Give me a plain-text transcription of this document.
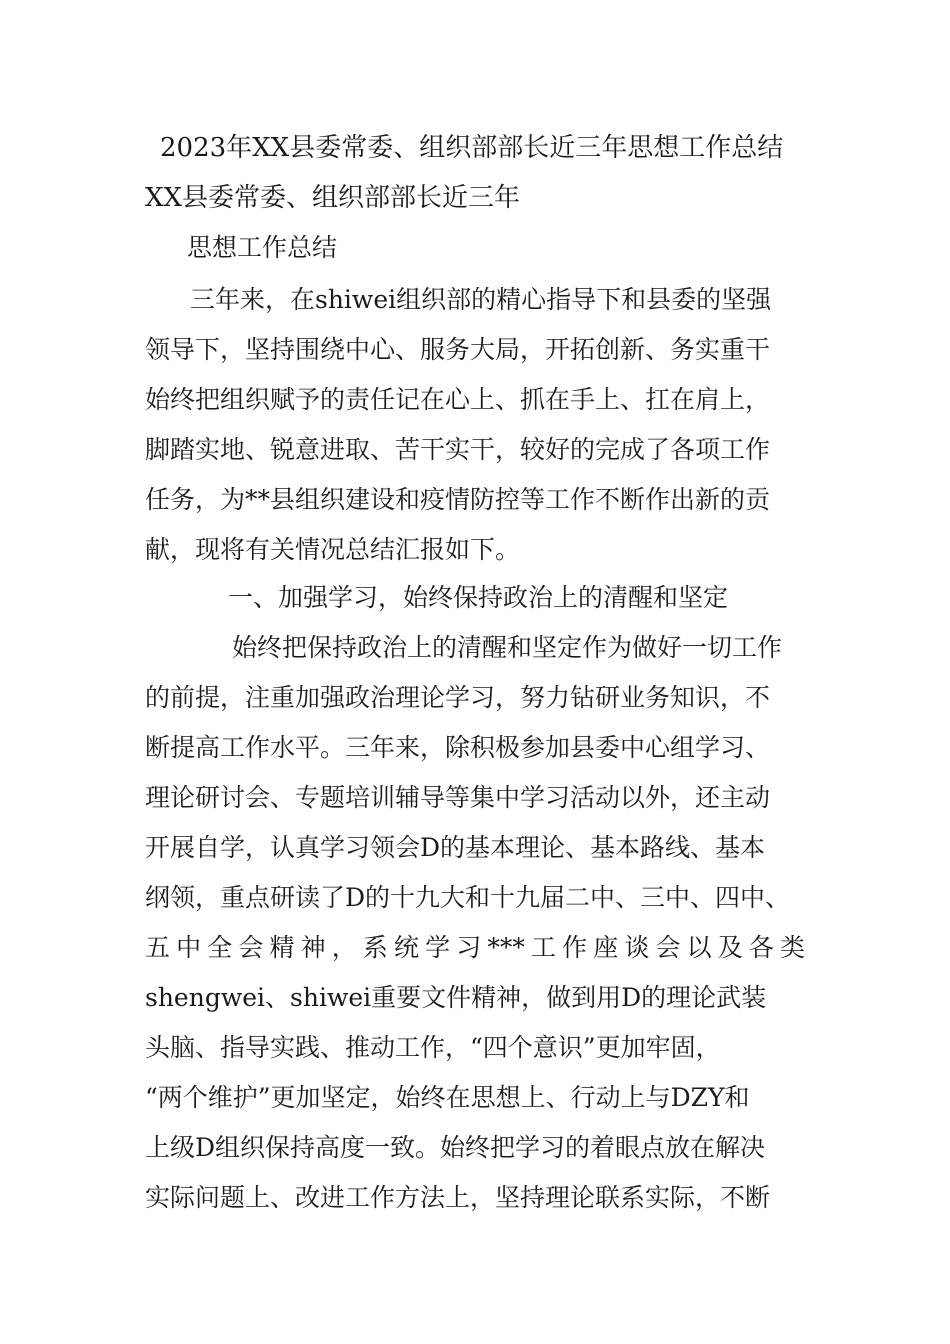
2023年XX县委常委、组织部部长近三年思想工作总结
XX县委常委、组织部部长近三年
思想工作总结
三年来，在shiwei组织部的精心指导下和县委的坚强
领导下，坚持围绕中心、服务大局，开拓创新、务实重干
始终把组织赋予的责任记在心上、抓在手上、扛在肩上，
脚踏实地、锐意进取、苦干实干，较好的完成了各项工作
任务，为**县组织建设和疫情防控等工作不断作出新的贡
献，现将有关情况总结汇报如下。
一、加强学习，始终保持政治上的清醒和坚定
始终把保持政治上的清醒和坚定作为做好一切工作
的前提，注重加强政治理论学习，努力钻研业务知识，不
断提高工作水平。三年来，除积极参加县委中心组学习、
理论研讨会、专题培训辅导等集中学习活动以外，还主动
开展自学，认真学习领会D的基本理论、基本路线、基本
纲领，重点研读了D的十九大和十九届二中、三中、四中、
五 中 全 会 精 神 ， 系 统 学 习 *** 工 作 座 谈 会 以 及 各 类
shengwei、shiwei重要文件精神，做到用D的理论武装
头脑、指导实践、推动工作，“四个意识”更加牢固，
“两个维护”更加坚定，始终在思想上、行动上与DZY和
上级D组织保持高度一致。始终把学习的着眼点放在解决
实际问题上、改进工作方法上，坚持理论联系实际，不断
